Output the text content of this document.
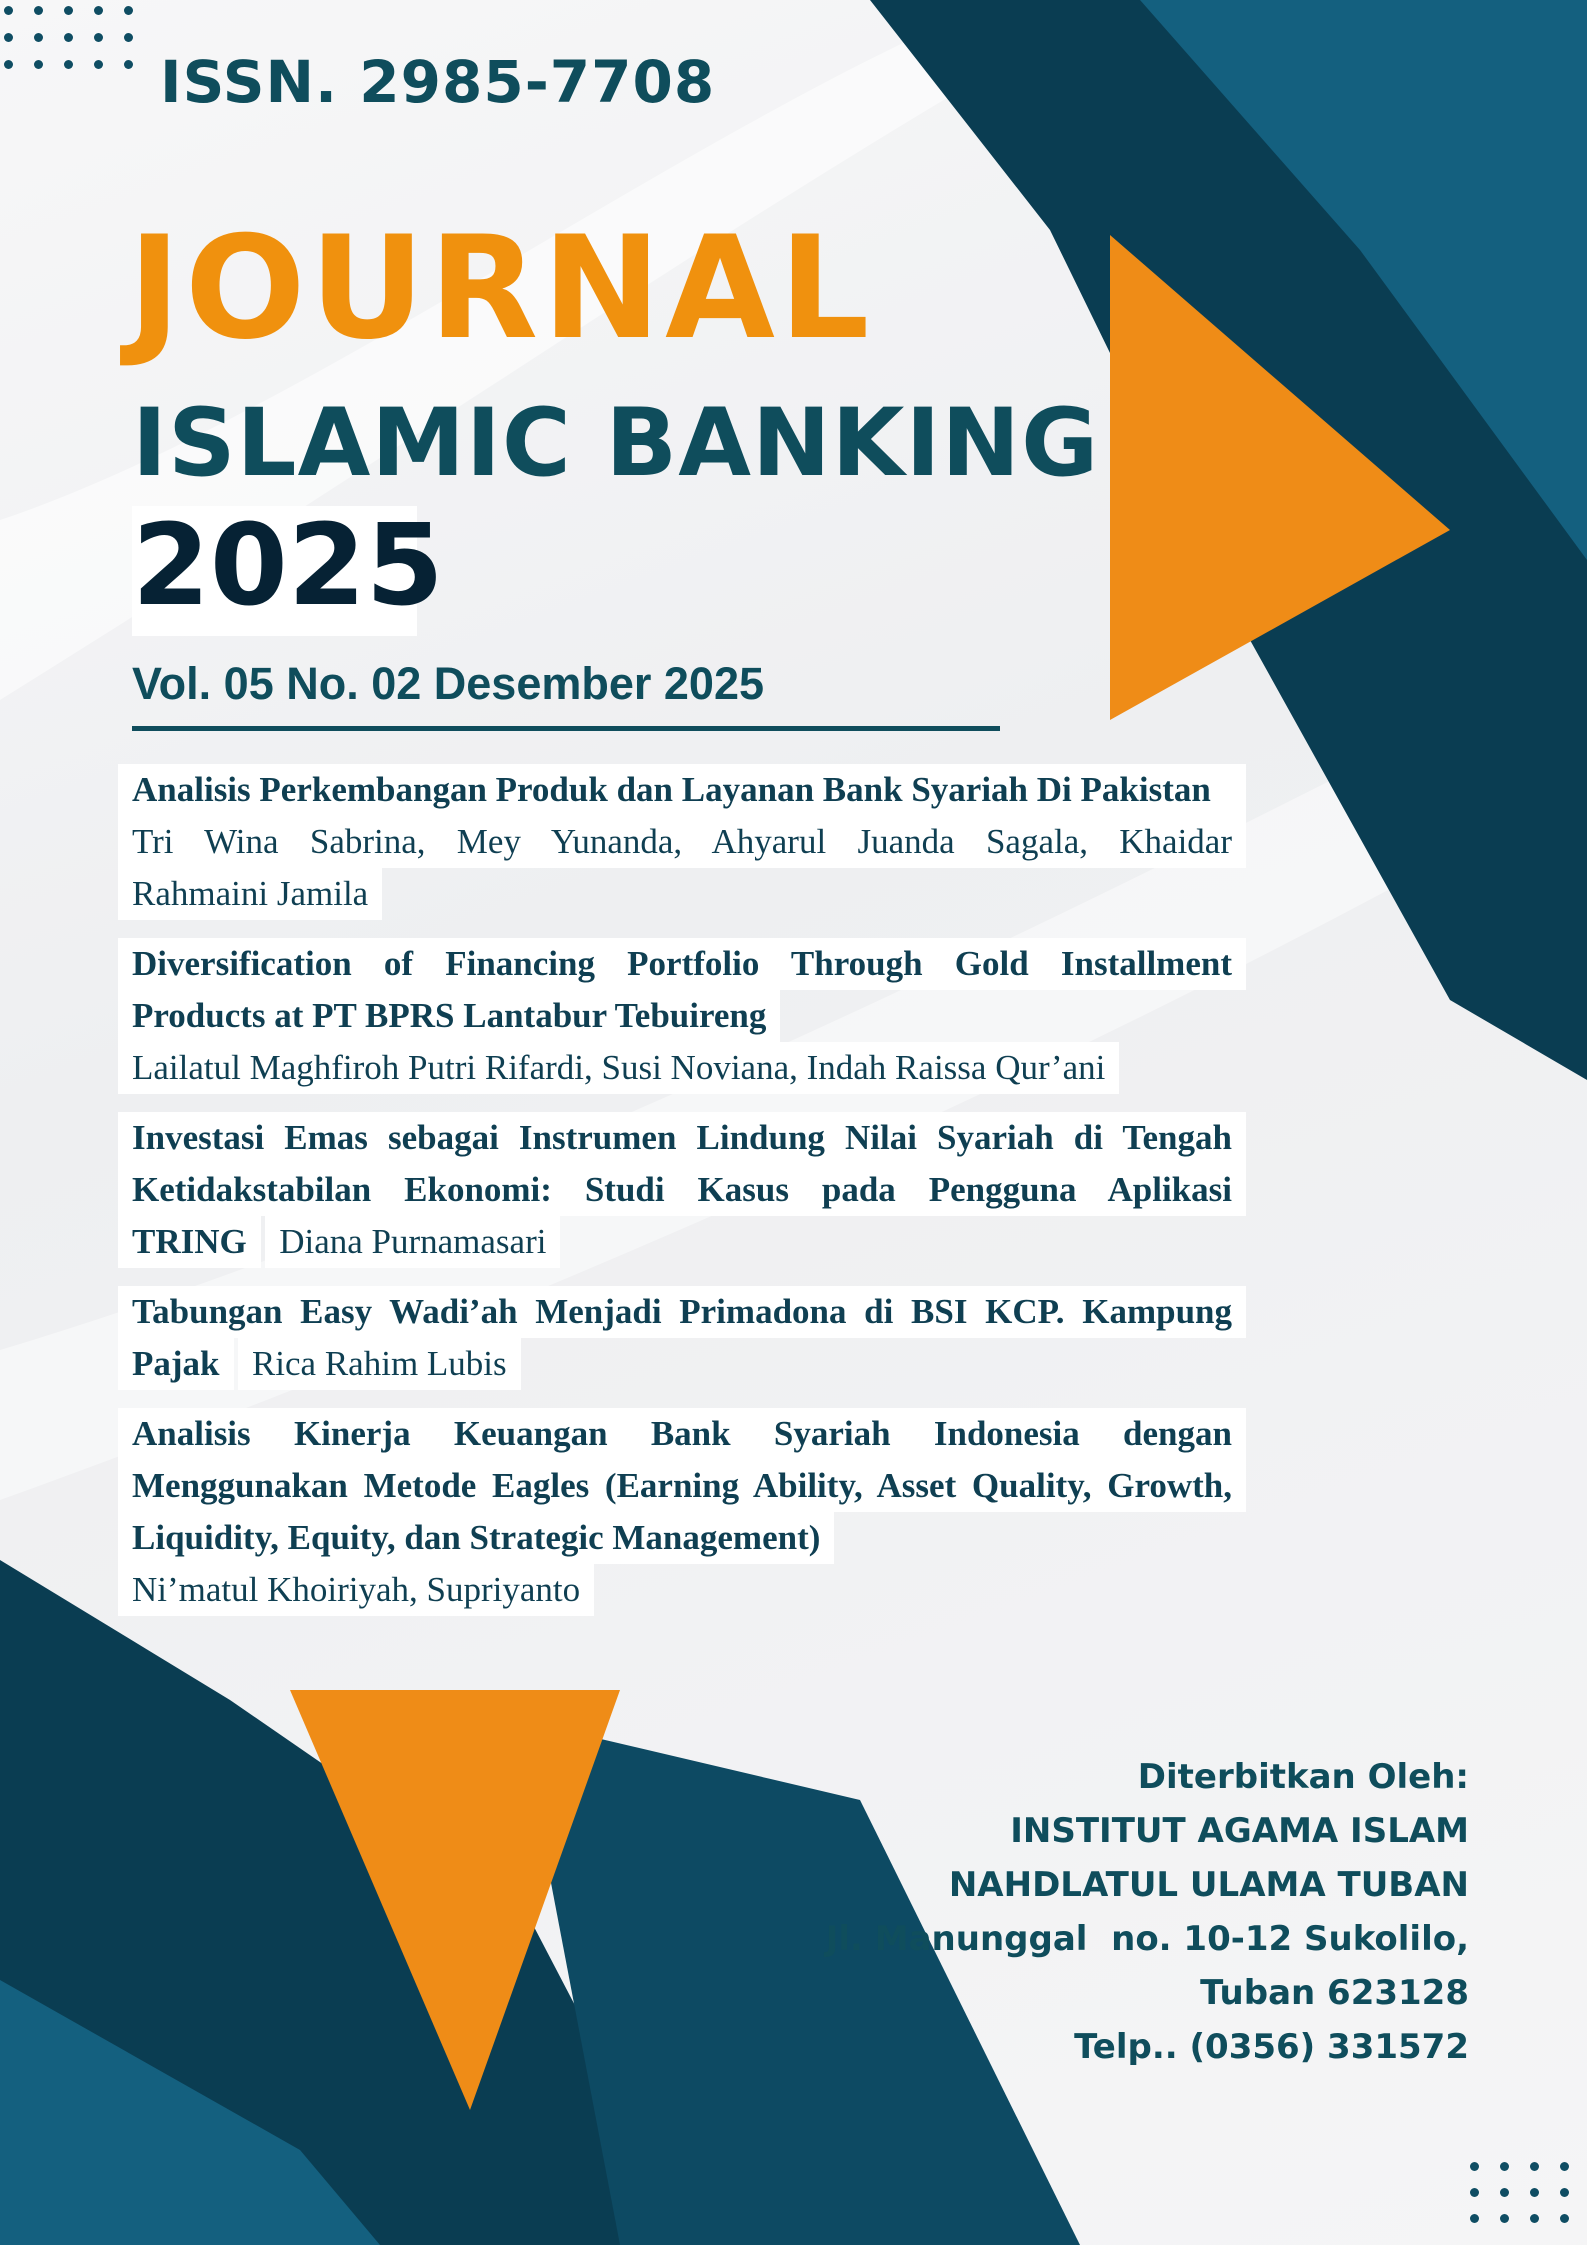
ISSN. 2985-7708
JOURNAL
ISLAMIC BANKING
2025
Vol. 05 No. 02 Desember 2025
Analisis Perkembangan Produk dan Layanan Bank Syariah Di Pakistan
Tri Wina Sabrina, Mey Yunanda, Ahyarul Juanda Sagala, Khaidar
Rahmaini Jamila
Diversification of Financing Portfolio Through Gold Installment
Products at PT BPRS Lantabur Tebuireng Lailatul Maghfiroh Putri Rifardi, Susi Noviana, Indah Raissa Qur’ani
Investasi Emas sebagai Instrumen Lindung Nilai Syariah di Tengah
Ketidakstabilan Ekonomi: Studi Kasus pada Pengguna Aplikasi
TRING Diana Purnamasari
Tabungan Easy Wadi’ah Menjadi Primadona di BSI KCP. Kampung
Pajak Rica Rahim Lubis
Analisis Kinerja Keuangan Bank Syariah Indonesia dengan
Menggunakan Metode Eagles (Earning Ability, Asset Quality, Growth,
Liquidity, Equity, dan Strategic Management) Ni’matul Khoiriyah, Supriyanto
Diterbitkan Oleh:
INSTITUT AGAMA ISLAM
NAHDLATUL ULAMA TUBAN
Jl. Manunggal  no. 10-12 Sukolilo,
Tuban 623128
Telp.. (0356) 331572
